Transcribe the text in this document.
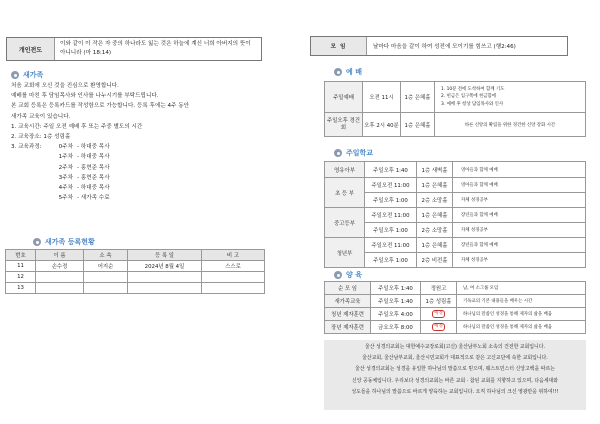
개인전도
이와 같이 이 작은 자 중의 하나라도 잃는 것은 하늘에 계신 너희 아버지의 뜻이 아니니라 (마 18:14)
새가족

처음 교회에 오신 것을 진심으로 환영합니다.

예배를 마친 후 담임목사와 인사를 나누시기를 부탁드립니다.

본 교회 등록은 등록카드를 작성함으로 가능합니다. 등록 후에는 4주 동안

새가족 교육이 있습니다.

1. 교육시간: 주일 오전 예배 후 또는 주중 별도의 시간

2. 교육장소: 1층 성림홀

3. 교육과정:	0주차 - 하대중 목사
1주차 - 하대중 목사
2주차 - 홍현준 목사
3주차 - 홍현준 목사
4주차 - 하대중 목사
5주차 - 새가족 수료
새가족 등록현황
번호	이 름	소 속	등 록 일	비 고
11	손수정	어지순	2024년 8월 4일	스스로
12				
13				
모 임	날마다 마음을 같이 하여 성전에 모이기를 힘쓰고 (행2:46)
예 배
주일예배	오전 11시	1층 은혜홀	1. 10분 전에 도착하여 함께 기도
2. 헌금은 입구쪽에 헌금함에
3. 예배 후 항상 담임목사와 인사

주일오후 경건회	오후 2시 40분	1층 은혜홀	바른 신앙의 확립을 위한 경건한 신앙 강화 시간
주일학교
영유아부	주일오후 1:40	1층 새벽홀	영아들과 함께 예배
초 등 부	주일오전 11:00	1층 은혜홀	영아들과 함께 예배
	주일오후 1:00	2층 소망홀	자체 성경공부
중고등부	주일오전 11:00	1층 은혜홀	장년들과 함께 예배
	주일오후 1:00	2층 소망홀	자체 성경공부
청년부	주일오전 11:00	1층 은혜홀	장년들과 함께 예배
	주일오후 1:00	2층 비전홀	자체 성경공부
양 육
순 모 임	주일오후 1:40	정원고	남, 여 소그룹 모임
새가족교육	주일오후 1:40	1층 성림홀	기독교의 기본 내용들을 배우는 시간
청년 제자훈련	주일오후 4:00	예정	하나님의 말씀인 성경을 통해 제자의 삶을 배움
장년 제자훈련	금요오후 8:00	예정	하나님의 말씀인 성경을 통해 제자의 삶을 배움

울산 성경의교회는 대한예수교장로회(고신) 울산남부노회 소속의 건전한 교회입니다.

울산교회, 울산남부교회, 울산시민교회가 대표적으로 같은 고신교단에 속한 교회입니다.

울산 성경의교회는 성경을 유일한 하나님의 말씀으로 믿으며, 웨스트민스터 신앙고백을 따르는

신앙 공동체입니다. 우리보다 성경의교회는 바른 교회 · 참된 교회를 지향하고 있으며, 다음세대와

성도들을 하나님의 말씀으로 바르게 양육하는 교회입니다. 오직 하나님의 크신 영광만을 위하여!!!
